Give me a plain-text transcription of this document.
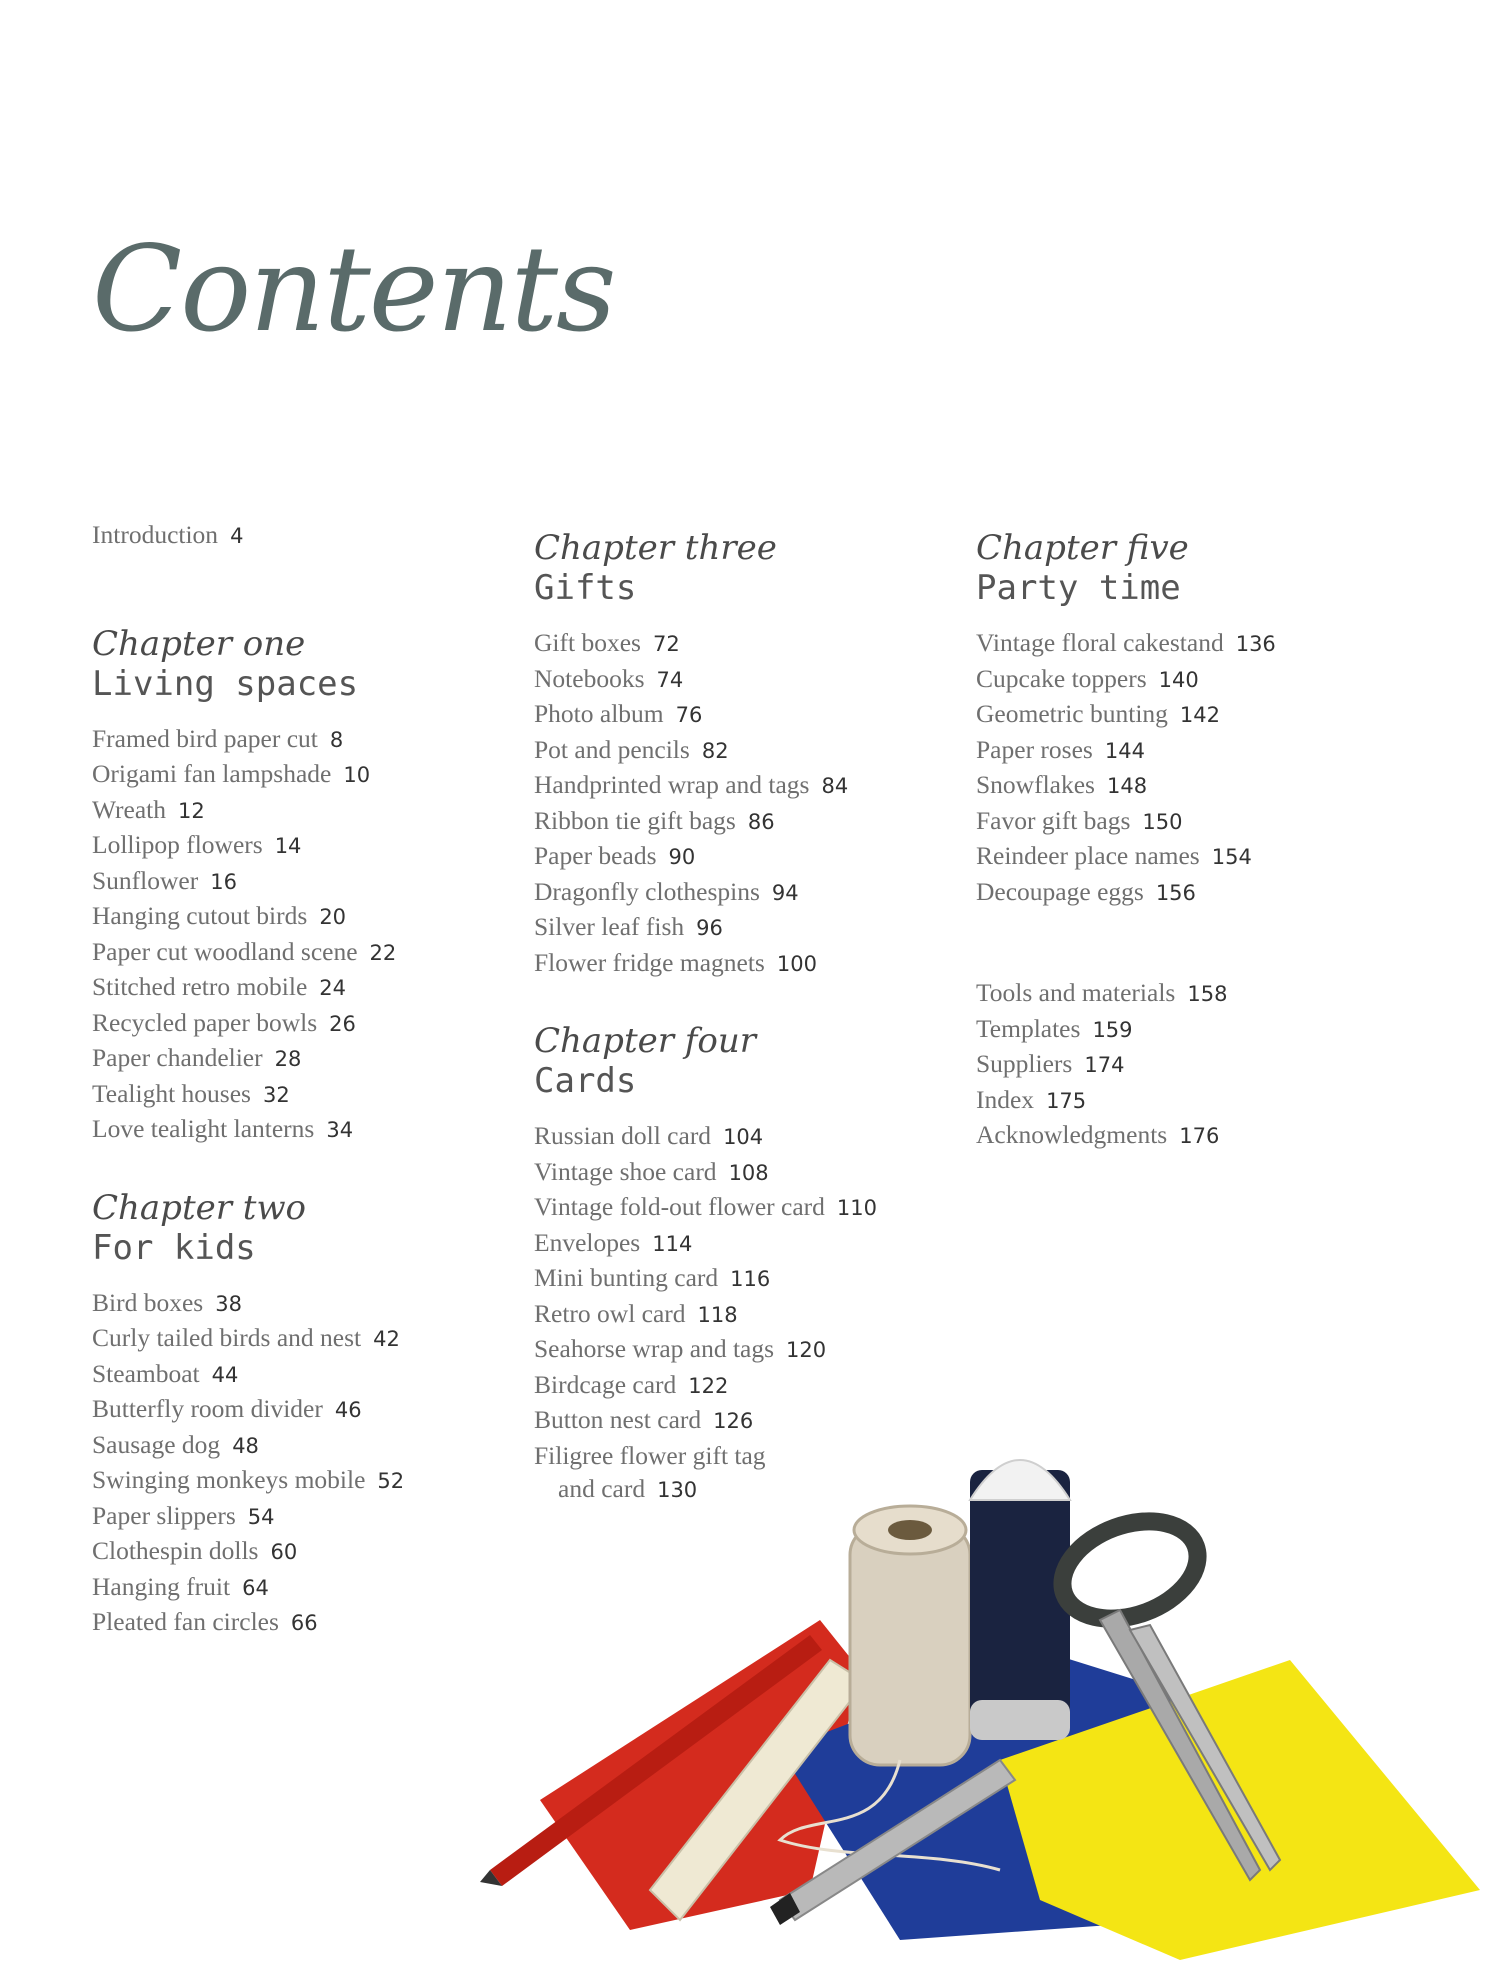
Contents
Introduction 4
Chapter one
Living spaces
Framed bird paper cut 8
Origami fan lampshade 10
Wreath 12
Lollipop flowers 14
Sunflower 16
Hanging cutout birds 20
Paper cut woodland scene 22
Stitched retro mobile 24
Recycled paper bowls 26
Paper chandelier 28
Tealight houses 32
Love tealight lanterns 34
Chapter two
For kids
Bird boxes 38
Curly tailed birds and nest 42
Steamboat 44
Butterfly room divider 46
Sausage dog 48
Swinging monkeys mobile 52
Paper slippers 54
Clothespin dolls 60
Hanging fruit 64
Pleated fan circles 66
Chapter three
Gifts
Gift boxes 72
Notebooks 74
Photo album 76
Pot and pencils 82
Handprinted wrap and tags 84
Ribbon tie gift bags 86
Paper beads 90
Dragonfly clothespins 94
Silver leaf fish 96
Flower fridge magnets 100
Chapter four
Cards
Russian doll card 104
Vintage shoe card 108
Vintage fold-out flower card 110
Envelopes 114
Mini bunting card 116
Retro owl card 118
Seahorse wrap and tags 120
Birdcage card 122
Button nest card 126
Filigree flower gift tag
and card 130
Chapter five
Party time
Vintage floral cakestand 136
Cupcake toppers 140
Geometric bunting 142
Paper roses 144
Snowflakes 148
Favor gift bags 150
Reindeer place names 154
Decoupage eggs 156
Tools and materials 158
Templates 159
Suppliers 174
Index 175
Acknowledgments 176
